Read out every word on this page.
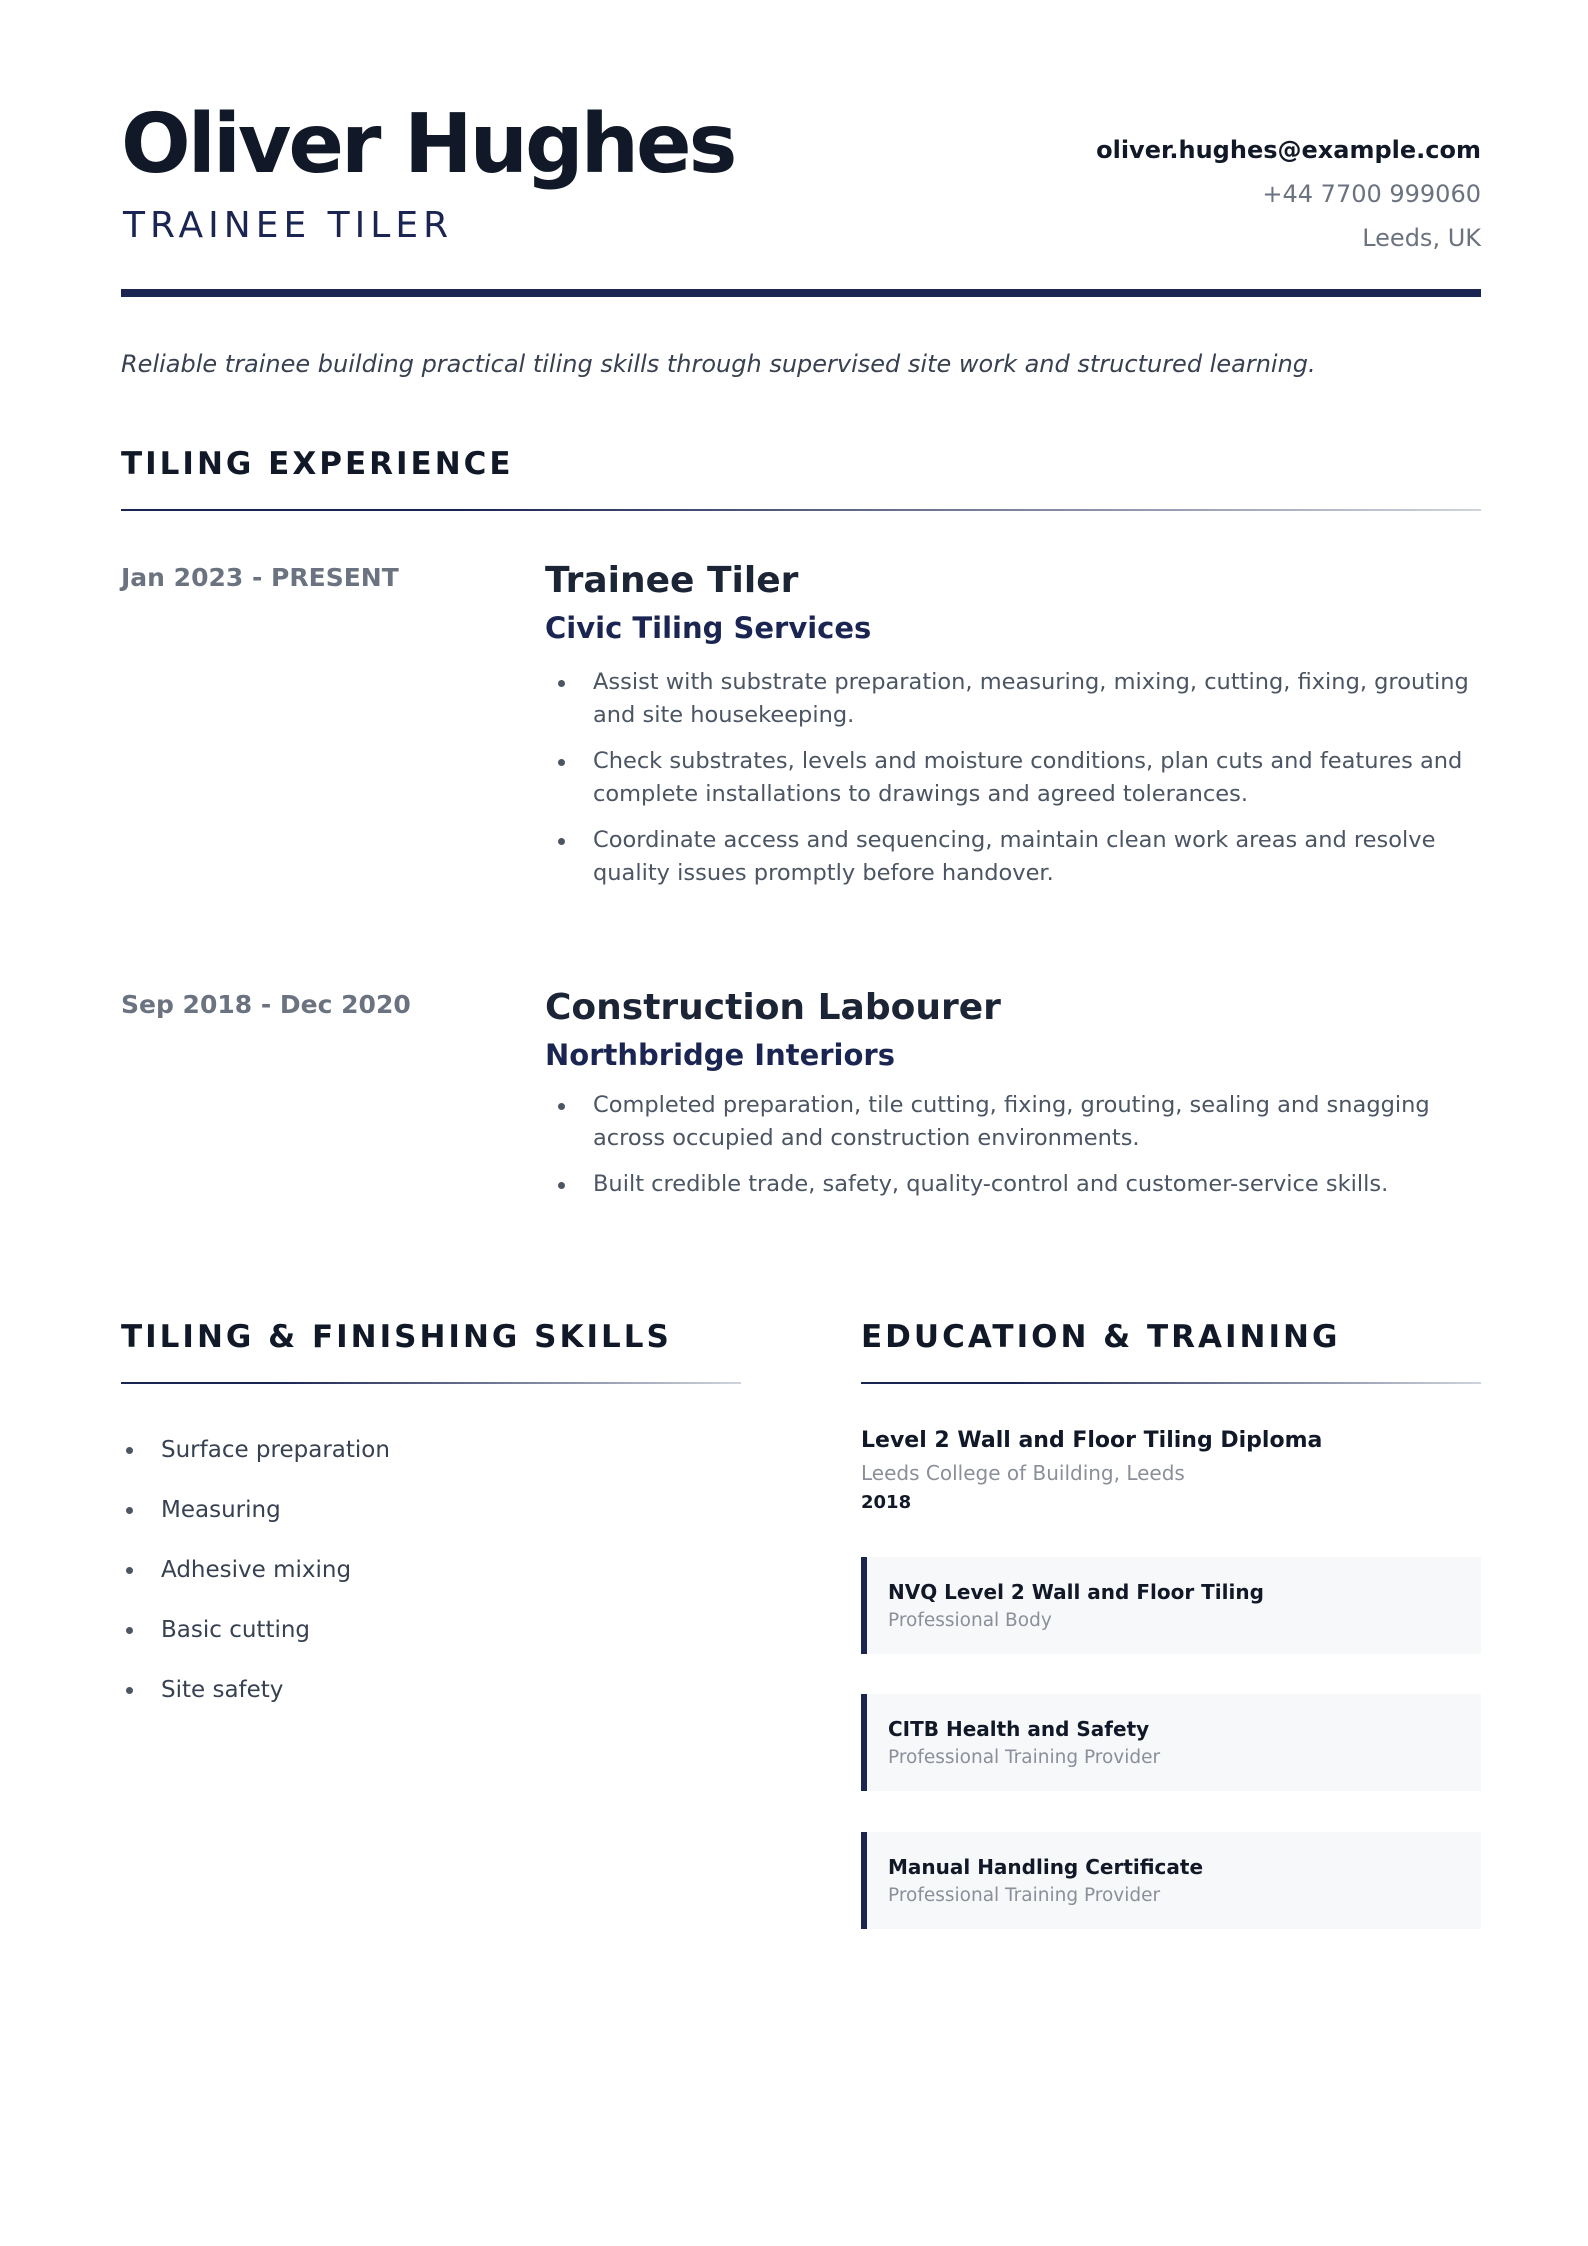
Oliver Hughes
TRAINEE TILER
oliver.hughes@example.com
+44 7700 999060
Leeds, UK
Reliable trainee building practical tiling skills through supervised site work and structured learning.
TILING EXPERIENCE
Jan 2023 - PRESENT	Trainee Tiler
Civic Tiling Services
Assist with substrate preparation, measuring, mixing, cutting, fixing, grouting and site housekeeping.
Check substrates, levels and moisture conditions, plan cuts and features and complete installations to drawings and agreed tolerances.
Coordinate access and sequencing, maintain clean work areas and resolve quality issues promptly before handover.
Sep 2018 - Dec 2020	Construction Labourer
Northbridge Interiors
Completed preparation, tile cutting, fixing, grouting, sealing and snagging across occupied and construction environments.
Built credible trade, safety, quality-control and customer-service skills.
TILING & FINISHING SKILLS
Surface preparation
Measuring
Adhesive mixing
Basic cutting
Site safety
EDUCATION & TRAINING
Level 2 Wall and Floor Tiling Diploma
Leeds College of Building, Leeds
2018
NVQ Level 2 Wall and Floor Tiling
Professional Body
CITB Health and Safety
Professional Training Provider
Manual Handling Certificate
Professional Training Provider
